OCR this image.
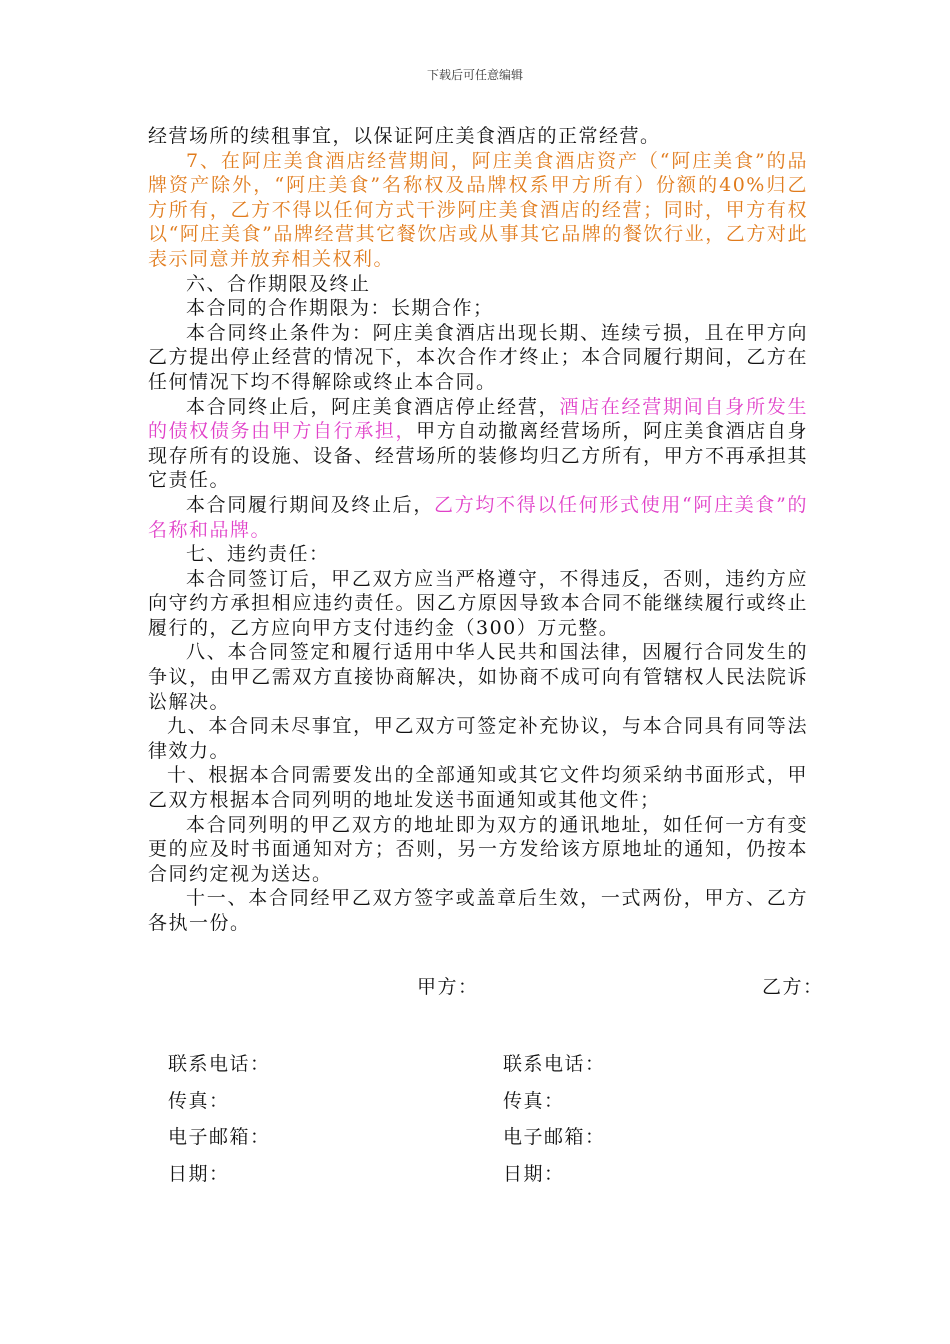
下载后可任意编辑

经营场所的续租事宜，以保证阿庄美食酒店的正常经营。

7、在阿庄美食酒店经营期间，阿庄美食酒店资产（“阿庄美食”的品牌资产除外，“阿庄美食”名称权及品牌权系甲方所有）份额的40%归乙方所有，乙方不得以任何方式干涉阿庄美食酒店的经营；同时，甲方有权以“阿庄美食”品牌经营其它餐饮店或从事其它品牌的餐饮行业，乙方对此表示同意并放弃相关权利。

六、合作期限及终止

本合同的合作期限为：长期合作；

本合同终止条件为：阿庄美食酒店出现长期、连续亏损，且在甲方向乙方提出停止经营的情况下，本次合作才终止；本合同履行期间，乙方在任何情况下均不得解除或终止本合同。

本合同终止后，阿庄美食酒店停止经营，酒店在经营期间自身所发生的债权债务由甲方自行承担，甲方自动撤离经营场所，阿庄美食酒店自身现存所有的设施、设备、经营场所的装修均归乙方所有，甲方不再承担其它责任。

本合同履行期间及终止后，乙方均不得以任何形式使用“阿庄美食”的名称和品牌。

七、违约责任：

本合同签订后，甲乙双方应当严格遵守，不得违反，否则，违约方应向守约方承担相应违约责任。因乙方原因导致本合同不能继续履行或终止履行的，乙方应向甲方支付违约金（300）万元整。

八、本合同签定和履行适用中华人民共和国法律，因履行合同发生的争议，由甲乙需双方直接协商解决，如协商不成可向有管辖权人民法院诉讼解决。

九、本合同未尽事宜，甲乙双方可签定补充协议，与本合同具有同等法律效力。

十、根据本合同需要发出的全部通知或其它文件均须采纳书面形式，甲乙双方根据本合同列明的地址发送书面通知或其他文件；

本合同列明的甲乙双方的地址即为双方的通讯地址，如任何一方有变更的应及时书面通知对方；否则，另一方发给该方原地址的通知，仍按本合同约定视为送达。

十一、本合同经甲乙双方签字或盖章后生效，一式两份，甲方、乙方各执一份。

甲方：	乙方：
联系电话：
传真：
电子邮箱：
日期：
联系电话：
传真：
电子邮箱：
日期：
